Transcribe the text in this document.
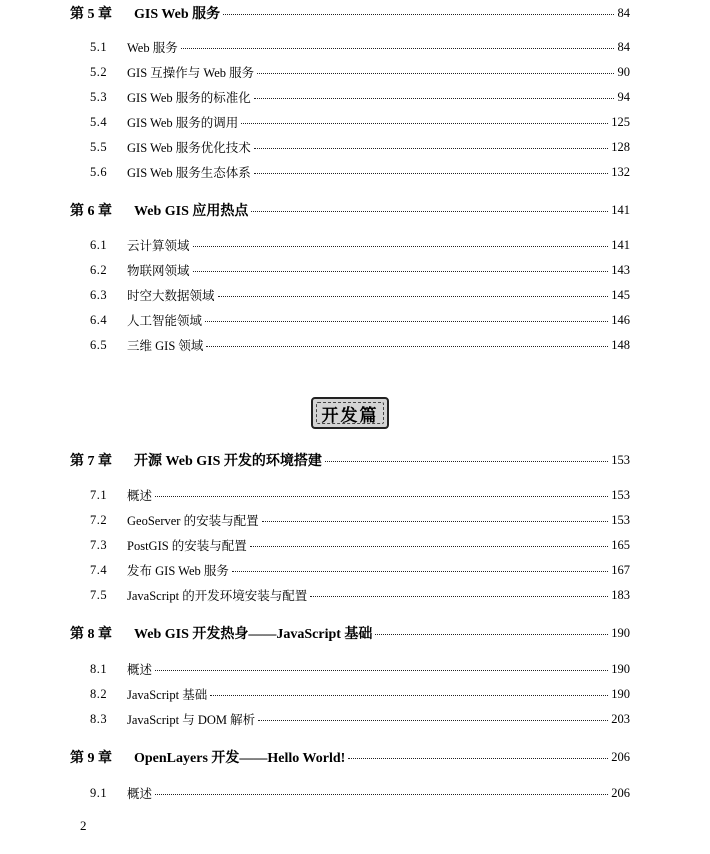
第 5 章 GIS Web 服务	84
5.1 Web 服务	84
5.2 GIS 互操作与 Web 服务	90
5.3 GIS Web 服务的标准化	94
5.4 GIS Web 服务的调用	125
5.5 GIS Web 服务优化技术	128
5.6 GIS Web 服务生态体系	132
第 6 章 Web GIS 应用热点	141
6.1 云计算领域	141
6.2 物联网领域	143
6.3 时空大数据领域	145
6.4 人工智能领域	146
6.5 三维 GIS 领域	148
第 7 章 开源 Web GIS 开发的环境搭建	153
7.1 概述	153
7.2 GeoServer 的安装与配置	153
7.3 PostGIS 的安装与配置	165
7.4 发布 GIS Web 服务	167
7.5 JavaScript 的开发环境安装与配置	183
第 8 章 Web GIS 开发热身——JavaScript 基础	190
8.1 概述	190
8.2 JavaScript 基础	190
8.3 JavaScript 与 DOM 解析	203
第 9 章 OpenLayers 开发——Hello World!	206
9.1 概述	206
开发篇
2
